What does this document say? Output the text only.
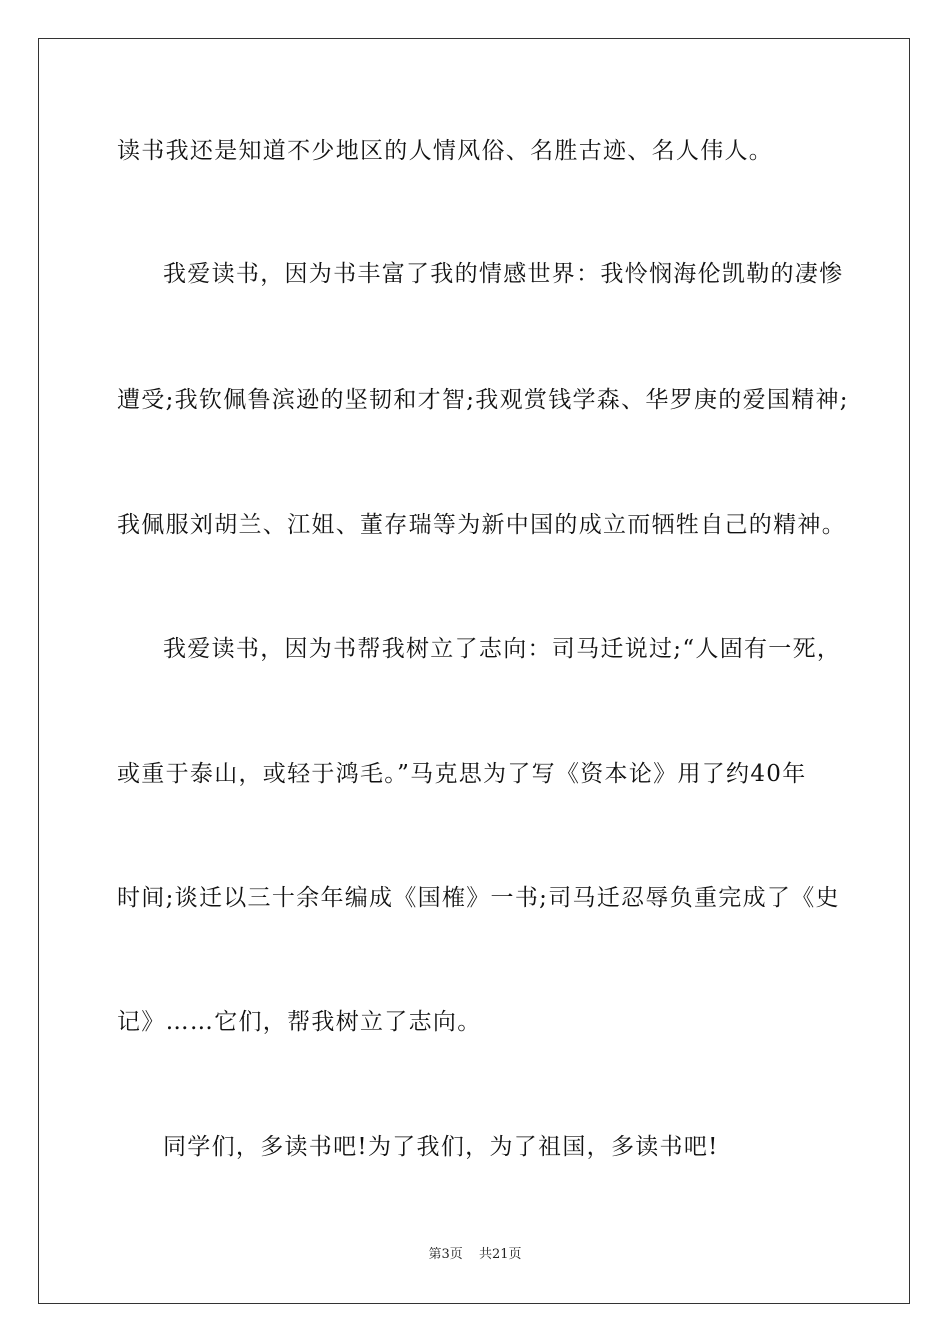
读书我还是知道不少地区的人情风俗、名胜古迹、名人伟人。
我爱读书，因为书丰富了我的情感世界：我怜悯海伦凯勒的凄惨
遭受;我钦佩鲁滨逊的坚韧和才智;我观赏钱学森、华罗庚的爱国精神;
我佩服刘胡兰、江姐、董存瑞等为新中国的成立而牺牲自己的精神。
我爱读书，因为书帮我树立了志向：司马迁说过;“人固有一死，
或重于泰山，或轻于鸿毛。”马克思为了写《资本论》用了约40年
时间;谈迁以三十余年编成《国榷》一书;司马迁忍辱负重完成了《史
记》……它们，帮我树立了志向。
同学们，多读书吧!为了我们，为了祖国，多读书吧!
第3页 共21页
